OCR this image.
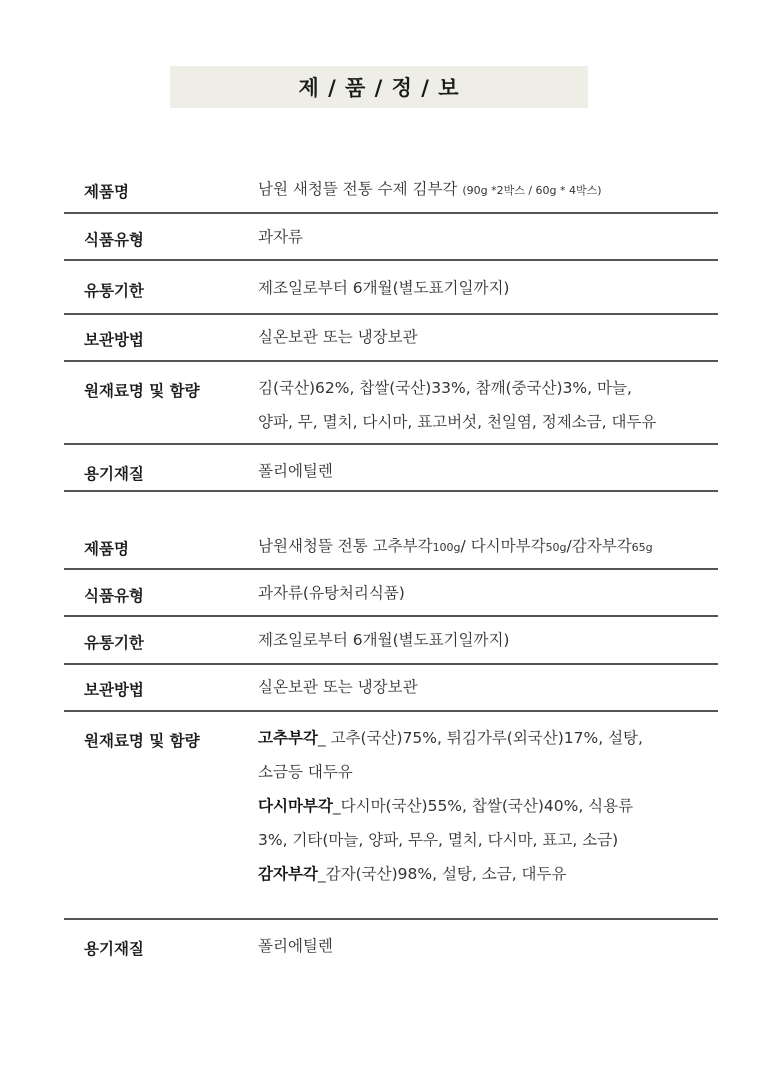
제 / 품 / 정 / 보
제품명	남원 새청뜰 전통 수제 김부각 (90g *2박스 / 60g * 4박스)
식품유형	과자류
유통기한	제조일로부터 6개월(별도표기일까지)
보관방법	실온보관 또는 냉장보관
원재료명 및 함량	김(국산)62%, 찹쌀(국산)33%, 참깨(중국산)3%, 마늘,
양파, 무, 멸치, 다시마, 표고버섯, 천일염, 정제소금, 대두유
용기재질	폴리에틸렌
제품명	남원새청뜰 전통 고추부각100g/ 다시마부각50g/감자부각65g
식품유형	과자류(유탕처리식품)
유통기한	제조일로부터 6개월(별도표기일까지)
보관방법	실온보관 또는 냉장보관
원재료명 및 함량	고추부각_ 고추(국산)75%, 튀김가루(외국산)17%, 설탕,
소금등 대두유
다시마부각_다시마(국산)55%, 찹쌀(국산)40%, 식용류
3%, 기타(마늘, 양파, 무우, 멸치, 다시마, 표고, 소금)
감자부각_감자(국산)98%, 설탕, 소금, 대두유
용기재질	폴리에틸렌
